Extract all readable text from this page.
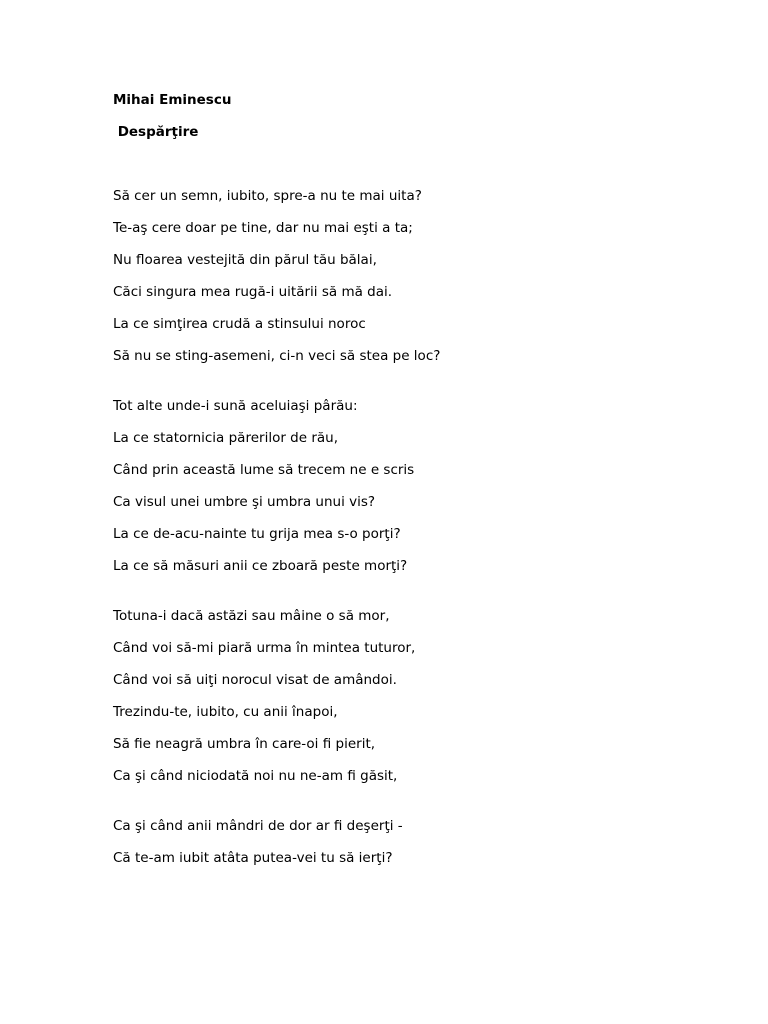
Mihai Eminescu
Despărţire
Să cer un semn, iubito, spre-a nu te mai uita?
Te-aş cere doar pe tine, dar nu mai eşti a ta;
Nu floarea vestejită din părul tău bălai,
Căci singura mea rugă-i uitării să mă dai.
La ce simţirea crudă a stinsului noroc
Să nu se sting-asemeni, ci-n veci să stea pe loc?
Tot alte unde-i sună aceluiaşi pârău:
La ce statornicia părerilor de rău,
Când prin această lume să trecem ne e scris
Ca visul unei umbre şi umbra unui vis?
La ce de-acu-nainte tu grija mea s-o porţi?
La ce să măsuri anii ce zboară peste morţi?
Totuna-i dacă astăzi sau mâine o să mor,
Când voi să-mi piară urma în mintea tuturor,
Când voi să uiţi norocul visat de amândoi.
Trezindu-te, iubito, cu anii înapoi,
Să fie neagră umbra în care-oi fi pierit,
Ca şi când niciodată noi nu ne-am fi găsit,
Ca şi când anii mândri de dor ar fi deşerţi -
Că te-am iubit atâta putea-vei tu să ierţi?
